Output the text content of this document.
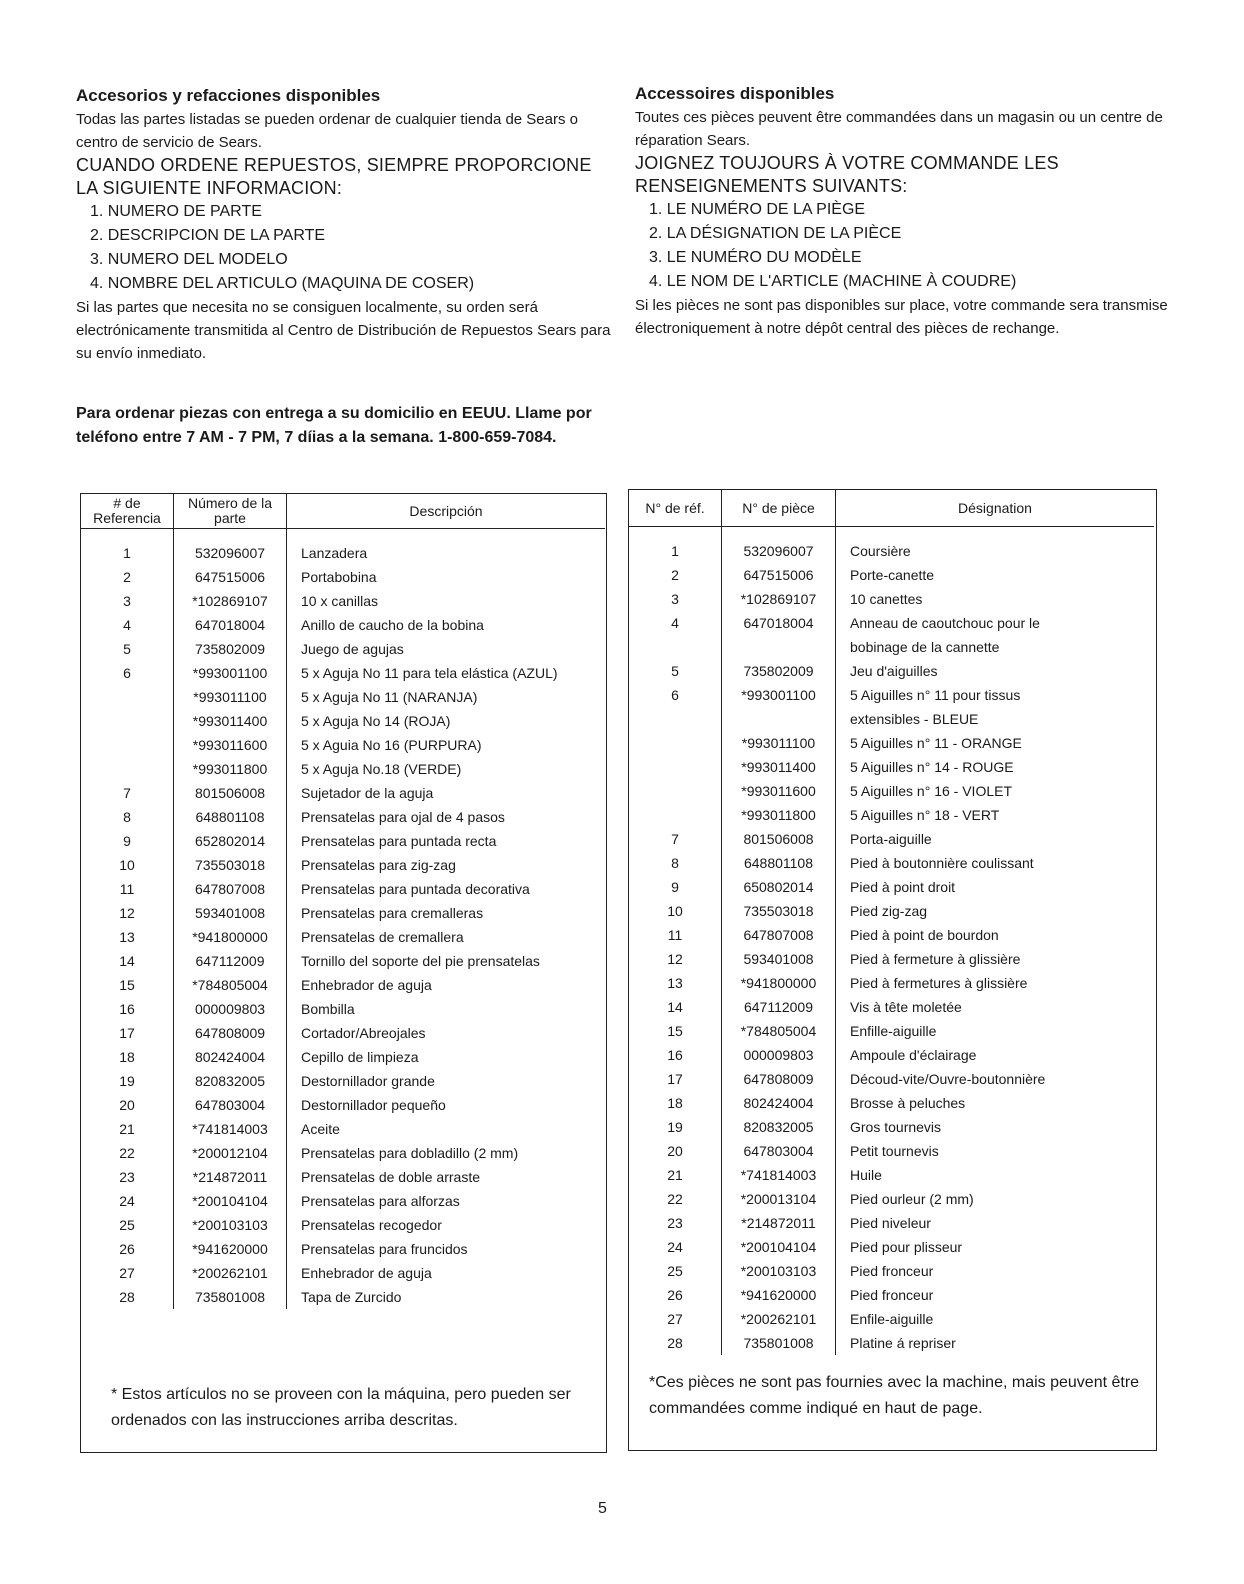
Accesorios y refacciones disponibles

Todas las partes listadas se pueden ordenar de cualquier tienda de Sears o centro de servicio de Sears.

CUANDO ORDENE REPUESTOS, SIEMPRE PROPORCIONE LA SIGUIENTE INFORMACION:

1. NUMERO DE PARTE
2. DESCRIPCION DE LA PARTE
3. NUMERO DEL MODELO
4. NOMBRE DEL ARTICULO (MAQUINA DE COSER)

Si las partes que necesita no se consiguen localmente, su orden será electrónicamente transmitida al Centro de Distribución de Repuestos Sears para su envío inmediato.

Para ordenar piezas con entrega a su domicilio en EEUU. Llame por teléfono entre 7 AM - 7 PM, 7 díias a la semana. 1-800-659-7084.
Accessoires disponibles

Toutes ces pièces peuvent être commandées dans un magasin ou un centre de réparation Sears.

JOIGNEZ TOUJOURS À VOTRE COMMANDE LES RENSEIGNEMENTS SUIVANTS:

1. LE NUMÉRO DE LA PIÈGE
2. LA DÉSIGNATION DE LA PIÈCE
3. LE NUMÉRO DU MODÈLE
4. LE NOM DE L'ARTICLE (MACHINE À COUDRE)

Si les pièces ne sont pas disponibles sur place, votre commande sera transmise électroniquement à notre dépôt central des pièces de rechange.

# de Referencia	Número de la parte	Descripción

1	532096007	Lanzadera
2	647515006	Portabobina
3	*102869107	10 x canillas
4	647018004	Anillo de caucho de la bobina
5	735802009	Juego de agujas
6	*993001100	5 x Aguja No 11 para tela elástica (AZUL)
	*993011100	5 x Aguja No 11 (NARANJA)
	*993011400	5 x Aguja No 14 (ROJA)
	*993011600	5 x Aguia No 16 (PURPURA)
	*993011800	5 x Aguja No.18 (VERDE)
7	801506008	Sujetador de la aguja
8	648801108	Prensatelas para ojal de 4 pasos
9	652802014	Prensatelas para puntada recta
10	735503018	Prensatelas para zig-zag
11	647807008	Prensatelas para puntada decorativa
12	593401008	Prensatelas para cremalleras
13	*941800000	Prensatelas de cremallera
14	647112009	Tornillo del soporte del pie prensatelas
15	*784805004	Enhebrador de aguja
16	000009803	Bombilla
17	647808009	Cortador/Abreojales
18	802424004	Cepillo de limpieza
19	820832005	Destornillador grande
20	647803004	Destornillador pequeño
21	*741814003	Aceite
22	*200012104	Prensatelas para dobladillo (2 mm)
23	*214872011	Prensatelas de doble arraste
24	*200104104	Prensatelas para alforzas
25	*200103103	Prensatelas recogedor
26	*941620000	Prensatelas para fruncidos
27	*200262101	Enhebrador de aguja
28	735801008	Tapa de Zurcido
* Estos artículos no se proveen con la máquina, pero pueden ser ordenados con las instrucciones arriba descritas.
N° de réf.	N° de pièce	Désignation

1	532096007	Coursière
2	647515006	Porte-canette
3	*102869107	10 canettes
4	647018004	Anneau de caoutchouc pour le
		bobinage de la cannette
5	735802009	Jeu d'aiguilles
6	*993001100	5 Aiguilles n° 11 pour tissus
		extensibles - BLEUE
	*993011100	5 Aiguilles n° 11 - ORANGE
	*993011400	5 Aiguilles n° 14 - ROUGE
	*993011600	5 Aiguilles n° 16 - VIOLET
	*993011800	5 Aiguilles n° 18 - VERT
7	801506008	Porta-aiguille
8	648801108	Pied à boutonnière coulissant
9	650802014	Pied à point droit
10	735503018	Pied zig-zag
11	647807008	Pied à point de bourdon
12	593401008	Pied à fermeture à glissière
13	*941800000	Pied à fermetures à glissière
14	647112009	Vis à tête moletée
15	*784805004	Enfille-aiguille
16	000009803	Ampoule d'éclairage
17	647808009	Découd-vite/Ouvre-boutonnière
18	802424004	Brosse à peluches
19	820832005	Gros tournevis
20	647803004	Petit tournevis
21	*741814003	Huile
22	*200013104	Pied ourleur (2 mm)
23	*214872011	Pied niveleur
24	*200104104	Pied pour plisseur
25	*200103103	Pied fronceur
26	*941620000	Pied fronceur
27	*200262101	Enfile-aiguille
28	735801008	Platine á repriser
*Ces pièces ne sont pas fournies avec la machine, mais peuvent être commandées comme indiqué en haut de page.
5
